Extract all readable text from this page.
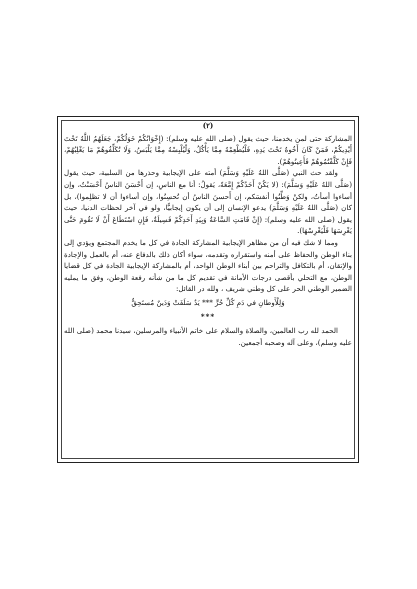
(٢)

المشاركة حتى لمن يخدمنا، حيث يقول (صلى الله عليه وسلم): (إِخْوَانُكُمْ خَوَلُكُمْ، جَعَلَهُمُ اللَّهُ تَحْتَ أَيْدِيكُمْ، فَمَنْ كَانَ أَخُوهُ تَحْتَ يَدِهِ، فَلْيُطْعِمْهُ مِمَّا يَأْكُلُ، وَلْيُلْبِسْهُ مِمَّا يَلْبَسُ، وَلَا تُكَلِّفُوهُمْ مَا يَغْلِبُهُمْ، فَإِنْ كَلَّفْتُمُوهُمْ فَأَعِينُوهُمْ).

ولقد حث النبي (صَلَّى اللهُ عَلَيْهِ وَسَلَّمَ) أمته على الإيجابية وحذرها من السلبية، حيث يقول (صَلَّى اللهُ عَلَيْهِ وَسَلَّمَ): (لا يَكُنْ أَحَدُكُمْ إِمَّعَةً، يَقولُ: أنا مع الناسِ، إن أَحْسَنَ الناسُ أَحْسَنْتُ، وإن أساءوا أسأتُ، ولكنْ وَطِّنُوا أنفسَكم، إن أَحسنَ الناسُ أن تُحسِنُوا، وإن أساءوا أن لا تظلِموا)، بل كان (صَلَّى اللهُ عَلَيْهِ وَسَلَّمَ) يدعو الإنسان إلى أن يكون إيجابيًّا، ولو في آخر لحظات الدنيا، حيث يقول (صلى الله عليه وسلم): (إِنْ قَامَتِ السَّاعَةُ وَبِيَدِ أَحَدِكُمْ فَسِيلَةٌ، فَإِنِ اسْتَطَاعَ أَنْ لَا تَقُومَ حَتَّى يَغْرِسَهَا فَلْيَغْرِسْهَا).

ومما لا شك فيه أن من مظاهر الإيجابية المشاركة الجادة في كل ما يخدم المجتمع ويؤدي إلى بناء الوطن والحفاظ على أمنه واستقراره وتقدمه، سواء أكان ذلك بالدفاع عنه، أم بالعمل والإجادة والإتقان، أم بالتكافل والتراحم بين أبناء الوطن الواحد، أم بالمشاركة الإيجابية الجادة في كل قضايا الوطن، مع التحلي بأقصى درجات الأمانة في تقديم كل ما من شأنه رفعة الوطن، وفق ما يمليه الضمير الوطني الحر على كل وطني شريف ، ولله در القائل:

وَلِلْأَوطانِ في دَمِ كُلِّ حُرٍّ *** يَدٌ سَلَفَتْ وَدَينٌ مُستَحِقُّ

***

الحمد لله رب العالمين، والصلاة والسلام على خاتم الأنبياء والمرسلين، سيدنا محمد (صلى الله عليه وسلم)، وعلى آله وصحبه أجمعين.
